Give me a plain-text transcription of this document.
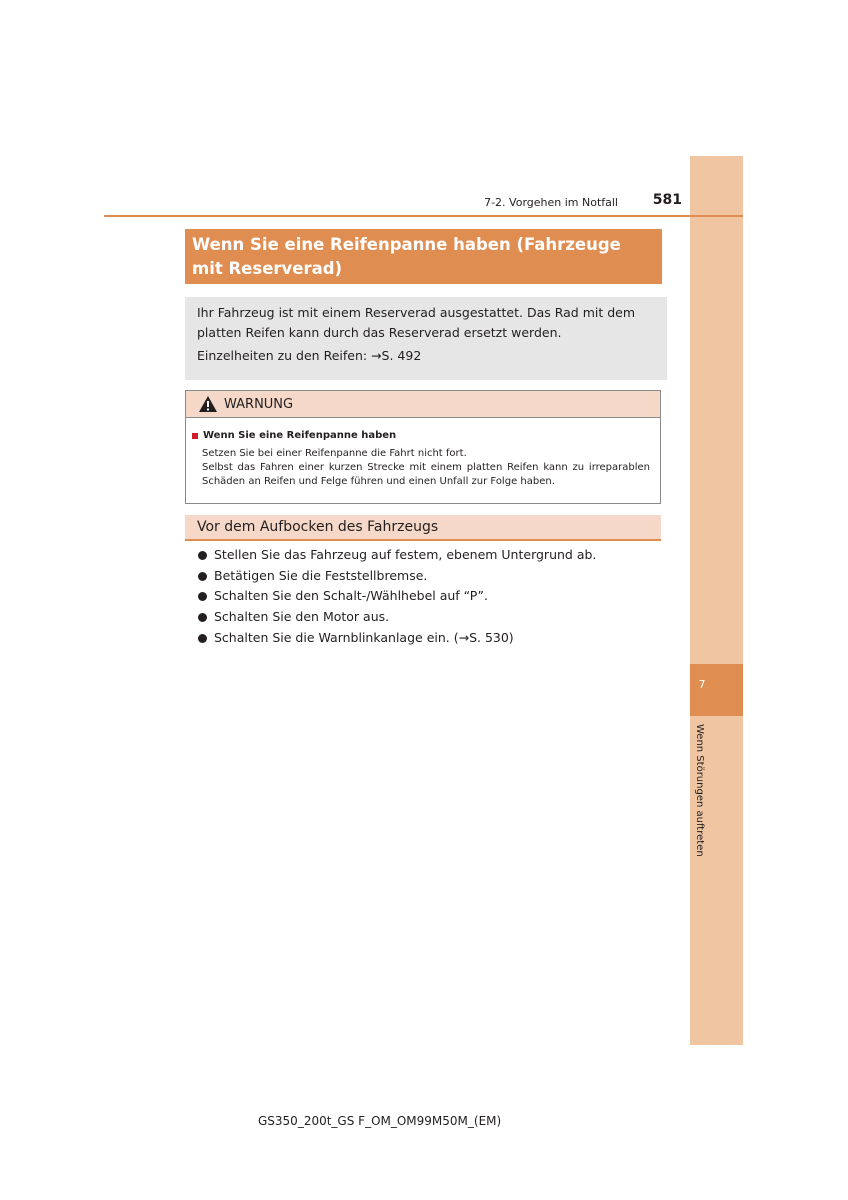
7
Wenn Störungen auftreten
7-2. Vorgehen im Notfall	581
Wenn Sie eine Reifenpanne haben (Fahrzeuge mit Reserverad)

Ihr Fahrzeug ist mit einem Reserverad ausgestattet. Das Rad mit dem platten Reifen kann durch das Reserverad ersetzt werden.

Einzelheiten zu den Reifen: →S. 492

WARNUNG
Wenn Sie eine Reifenpanne haben

Setzen Sie bei einer Reifenpanne die Fahrt nicht fort.

Selbst das Fahren einer kurzen Strecke mit einem platten Reifen kann zu irreparablen Schäden an Reifen und Felge führen und einen Unfall zur Folge haben.

Vor dem Aufbocken des Fahrzeugs
Stellen Sie das Fahrzeug auf festem, ebenem Untergrund ab.
Betätigen Sie die Feststellbremse.
Schalten Sie den Schalt-/Wählhebel auf “P”.
Schalten Sie den Motor aus.
Schalten Sie die Warnblinkanlage ein. (→S. 530)
GS350_200t_GS F_OM_OM99M50M_(EM)
